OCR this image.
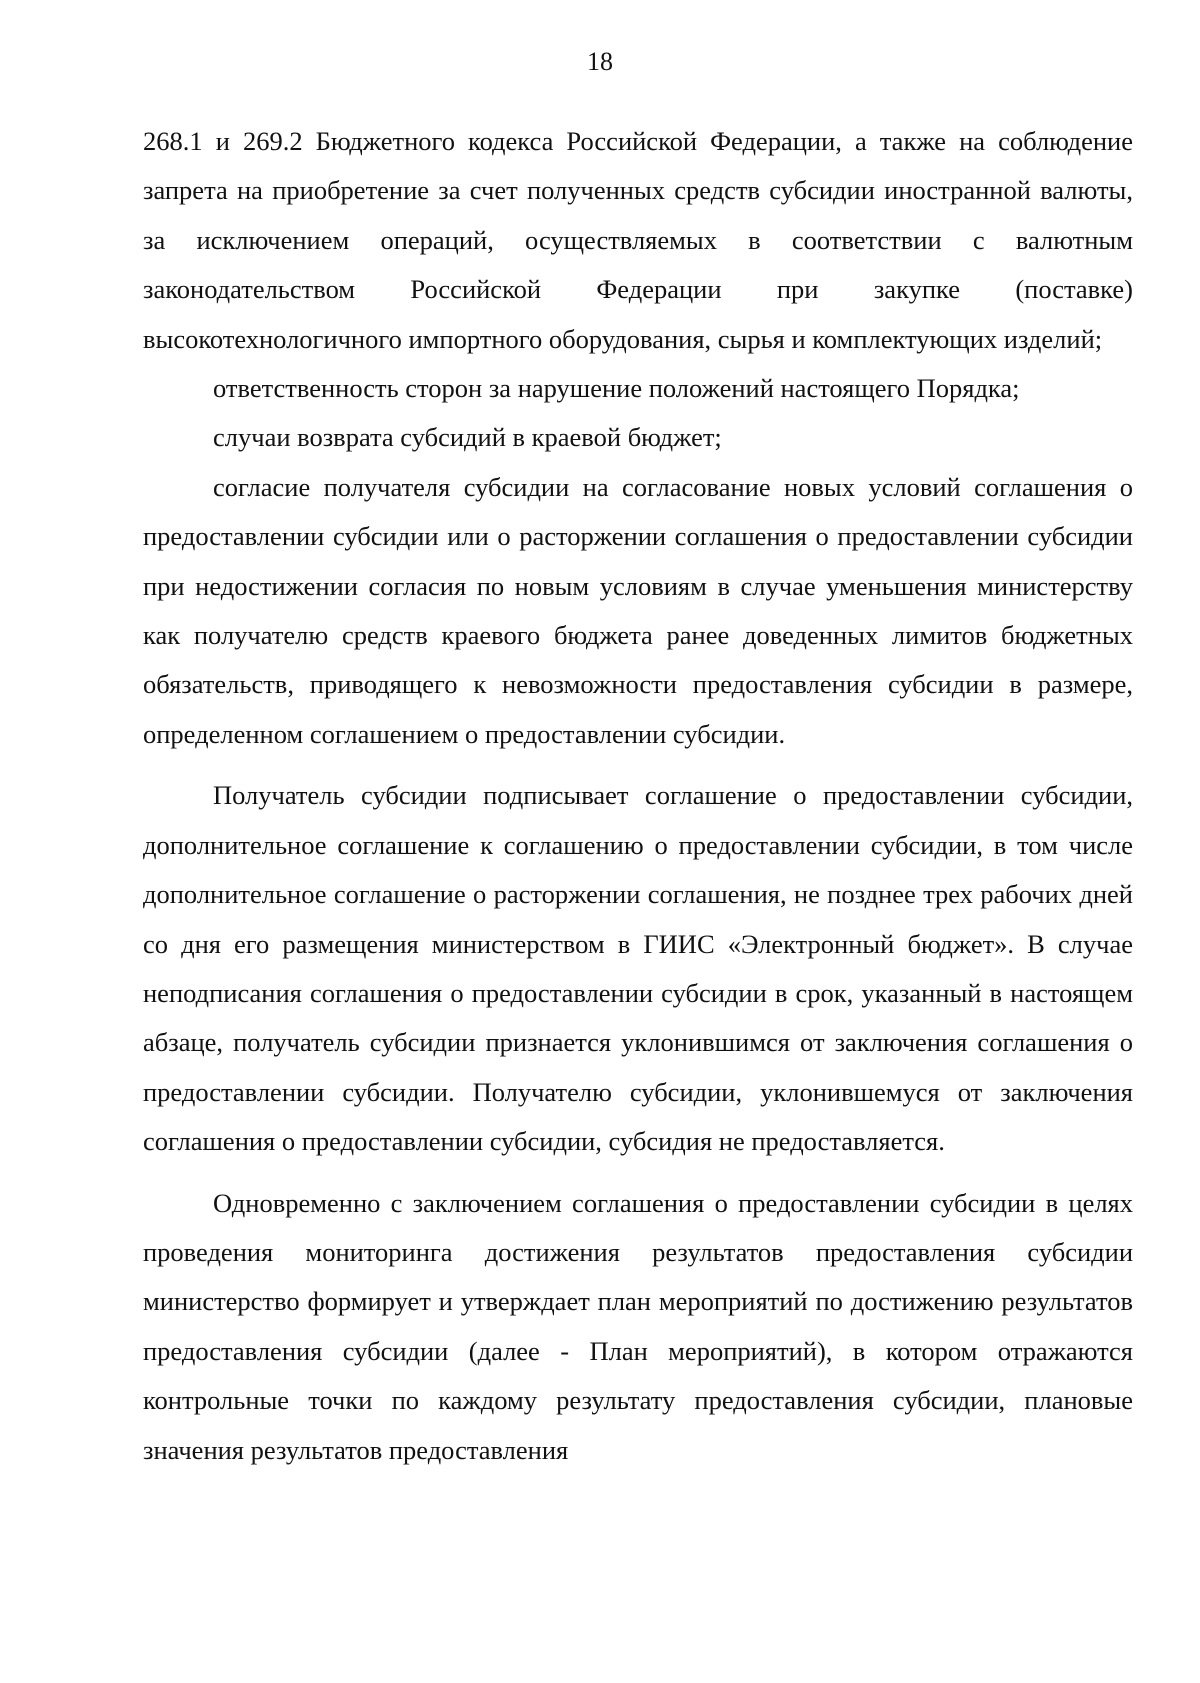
18

268.1 и 269.2 Бюджетного кодекса Российской Федерации, а также на соблюдение запрета на приобретение за счет полученных средств субсидии иностранной валюты, за исключением операций, осуществляемых в соответствии с валютным законодательством Российской Федерации при закупке (поставке) высокотехнологичного импортного оборудования, сырья и комплектующих изделий;

ответственность сторон за нарушение положений настоящего Порядка;

случаи возврата субсидий в краевой бюджет;

согласие получателя субсидии на согласование новых условий соглашения о предоставлении субсидии или о расторжении соглашения о предоставлении субсидии при недостижении согласия по новым условиям в случае уменьшения министерству как получателю средств краевого бюджета ранее доведенных лимитов бюджетных обязательств, приводящего к невозможности предоставления субсидии в размере, определенном соглашением о предоставлении субсидии.

Получатель субсидии подписывает соглашение о предоставлении субсидии, дополнительное соглашение к соглашению о предоставлении субсидии, в том числе дополнительное соглашение о расторжении соглашения, не позднее трех рабочих дней со дня его размещения министерством в ГИИС «Электронный бюджет». В случае неподписания соглашения о предоставлении субсидии в срок, указанный в настоящем абзаце, получатель субсидии признается уклонившимся от заключения соглашения о предоставлении субсидии. Получателю субсидии, уклонившемуся от заключения соглашения о предоставлении субсидии, субсидия не предоставляется.

Одновременно с заключением соглашения о предоставлении субсидии в целях проведения мониторинга достижения результатов предоставления субсидии министерство формирует и утверждает план мероприятий по достижению результатов предоставления субсидии (далее - План мероприятий), в котором отражаются контрольные точки по каждому результату предоставления субсидии, плановые значения результатов предоставления
